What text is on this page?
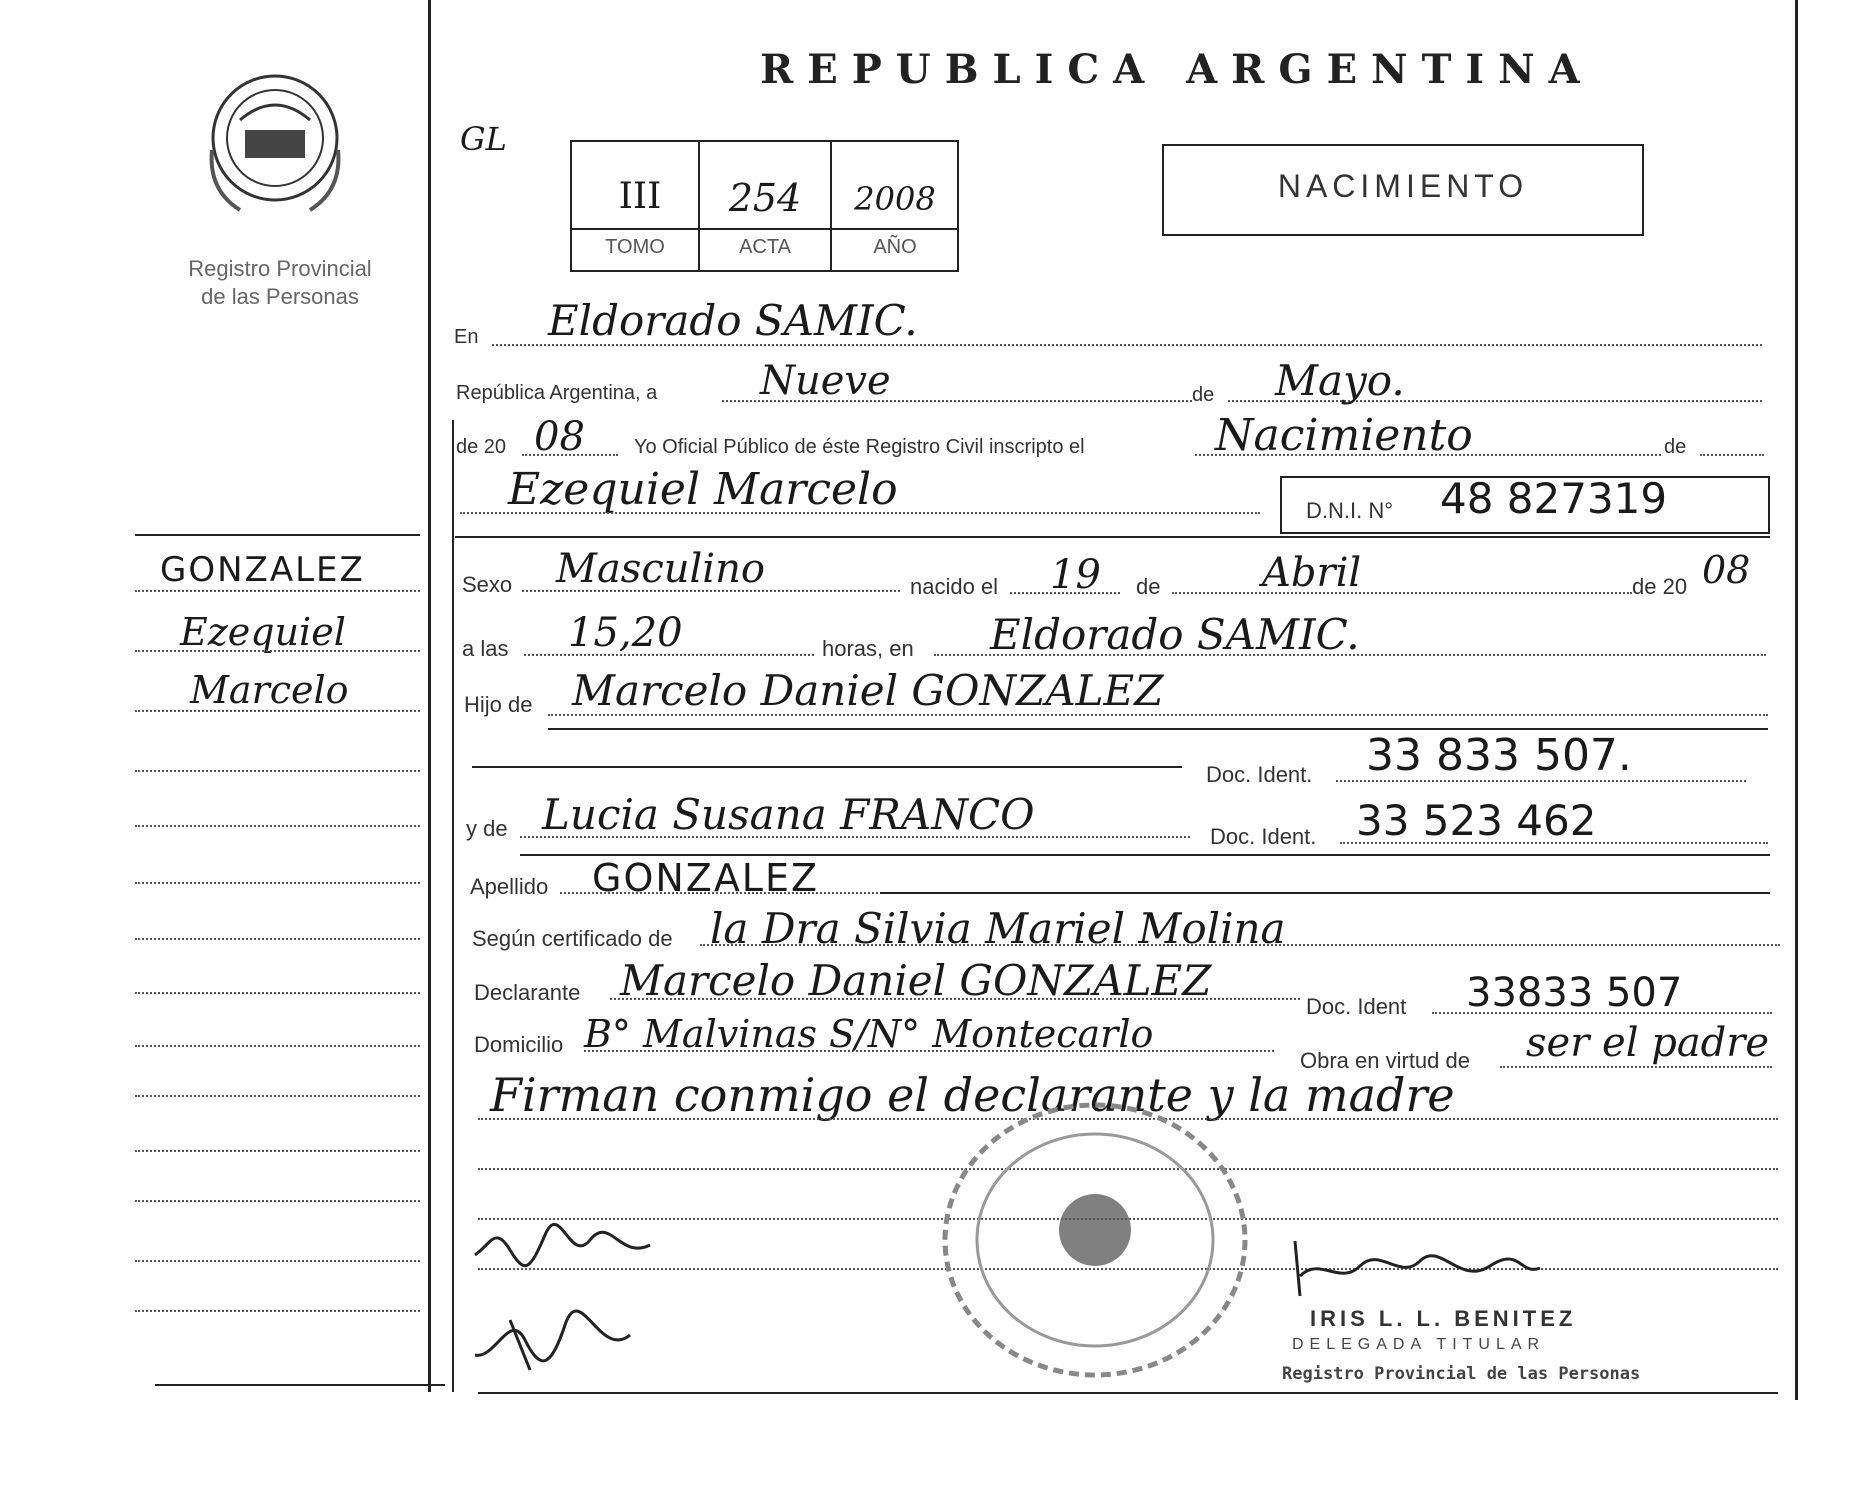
Registro Provincial
de las Personas
GONZALEZ
Ezequiel
Marcelo
REPUBLICA ARGENTINA
GL
III	254	2008
TOMO	ACTA	AÑO
NACIMIENTO
En Eldorado SAMIC.
República Argentina, a	Nueve	de Mayo.
de 20 08 Yo Oficial Público de éste Registro Civil inscripto el	Nacimiento	de
Ezequiel Marcelo	D.N.I. N° 48 827319
Sexo Masculino	nacido el 19 de	Abril	de 20 08
a las 15,20	horas, en Eldorado SAMIC.
Hijo de Marcelo Daniel GONZALEZ
Doc. Ident. 33 833 507.
y de Lucia Susana FRANCO	Doc. Ident. 33 523 462
Apellido GONZALEZ
Según certificado de la Dra Silvia Mariel Molina
Declarante Marcelo Daniel GONZALEZ
Doc. Ident 33833 507
Domicilio B° Malvinas S/N° Montecarlo
Obra en virtud de ser el padre
Firman conmigo el declarante y la madre
IRIS L. L. BENITEZ
DELEGADA TITULAR
Registro Provincial de las Personas
